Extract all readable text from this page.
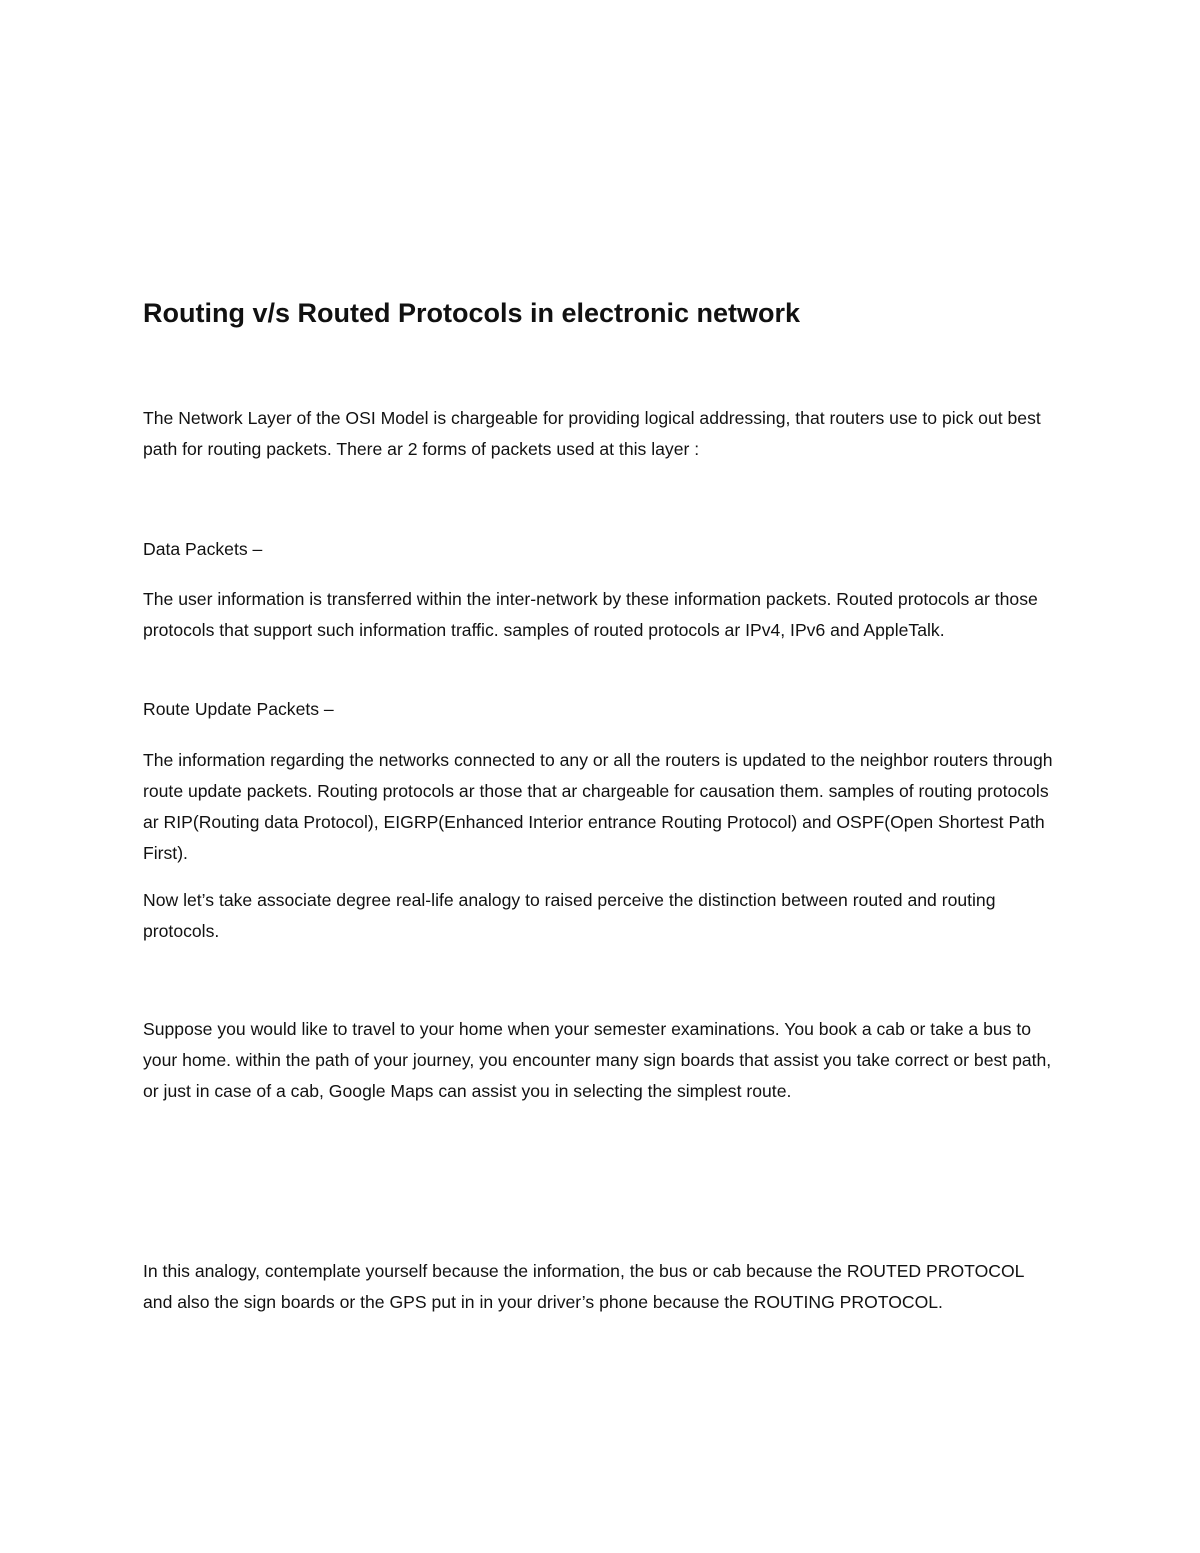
Routing v/s Routed Protocols in electronic network

The Network Layer of the OSI Model is chargeable for providing logical addressing, that routers use to pick out best path for routing packets. There ar 2 forms of packets used at this layer :

Data Packets –

The user information is transferred within the inter-network by these information packets. Routed protocols ar those protocols that support such information traffic. samples of routed protocols ar IPv4, IPv6 and AppleTalk.

Route Update Packets –

The information regarding the networks connected to any or all the routers is updated to the neighbor routers through route update packets. Routing protocols ar those that ar chargeable for causation them. samples of routing protocols ar RIP(Routing data Protocol), EIGRP(Enhanced Interior entrance Routing Protocol) and OSPF(Open Shortest Path First).

Now let’s take associate degree real-life analogy to raised perceive the distinction between routed and routing protocols.

Suppose you would like to travel to your home when your semester examinations. You book a cab or take a bus to your home. within the path of your journey, you encounter many sign boards that assist you take correct or best path, or just in case of a cab, Google Maps can assist you in selecting the simplest route.

In this analogy, contemplate yourself because the information, the bus or cab because the ROUTED PROTOCOL and also the sign boards or the GPS put in in your driver’s phone because the ROUTING PROTOCOL.
